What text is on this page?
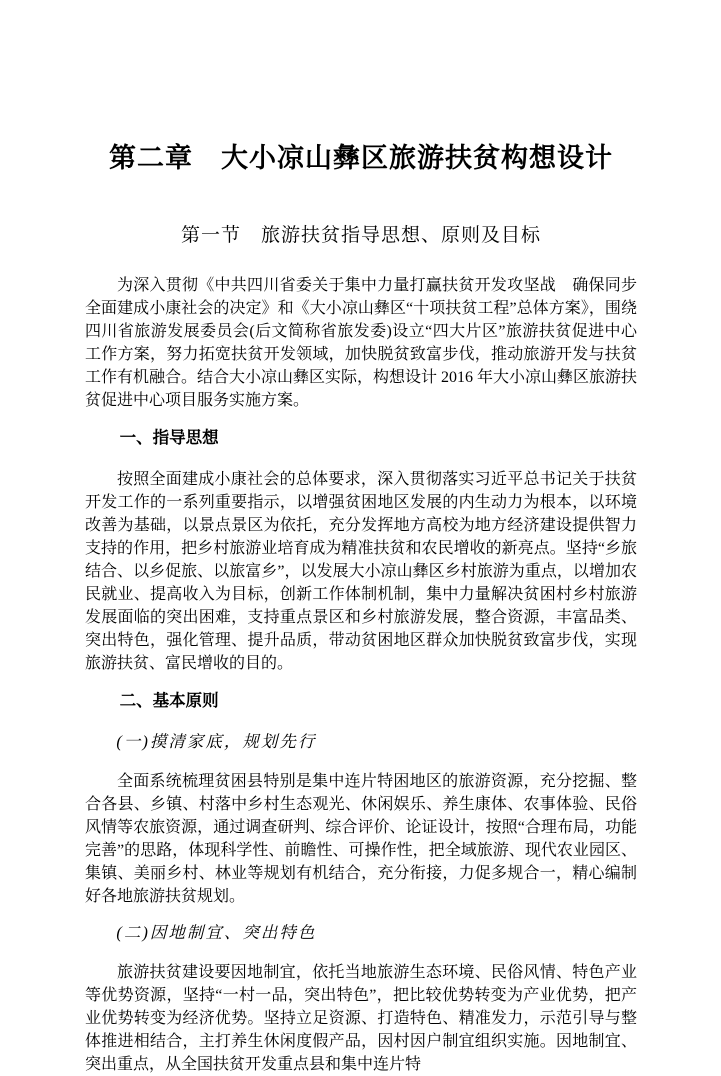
第二章　大小凉山彝区旅游扶贫构想设计
第一节　旅游扶贫指导思想、原则及目标

为深入贯彻《中共四川省委关于集中力量打赢扶贫开发攻坚战　确保同步全面建成小康社会的决定》和《大小凉山彝区“十项扶贫工程”总体方案》，围绕四川省旅游发展委员会(后文简称省旅发委)设立“四大片区”旅游扶贫促进中心工作方案，努力拓宽扶贫开发领域，加快脱贫致富步伐，推动旅游开发与扶贫工作有机融合。结合大小凉山彝区实际，构想设计 2016 年大小凉山彝区旅游扶贫促进中心项目服务实施方案。

一、指导思想

按照全面建成小康社会的总体要求，深入贯彻落实习近平总书记关于扶贫开发工作的一系列重要指示，以增强贫困地区发展的内生动力为根本，以环境改善为基础，以景点景区为依托，充分发挥地方高校为地方经济建设提供智力支持的作用，把乡村旅游业培育成为精准扶贫和农民增收的新亮点。坚持“乡旅结合、以乡促旅、以旅富乡”，以发展大小凉山彝区乡村旅游为重点，以增加农民就业、提高收入为目标，创新工作体制机制，集中力量解决贫困村乡村旅游发展面临的突出困难，支持重点景区和乡村旅游发展，整合资源，丰富品类、突出特色，强化管理、提升品质，带动贫困地区群众加快脱贫致富步伐，实现旅游扶贫、富民增收的目的。

二、基本原则
(一)摸清家底，规划先行

全面系统梳理贫困县特别是集中连片特困地区的旅游资源，充分挖掘、整合各县、乡镇、村落中乡村生态观光、休闲娱乐、养生康体、农事体验、民俗风情等农旅资源，通过调查研判、综合评价、论证设计，按照“合理布局，功能完善”的思路，体现科学性、前瞻性、可操作性，把全域旅游、现代农业园区、集镇、美丽乡村、林业等规划有机结合，充分衔接，力促多规合一，精心编制好各地旅游扶贫规划。

(二)因地制宜、突出特色

旅游扶贫建设要因地制宜，依托当地旅游生态环境、民俗风情、特色产业等优势资源，坚持“一村一品，突出特色”，把比较优势转变为产业优势，把产业优势转变为经济优势。坚持立足资源、打造特色、精准发力，示范引导与整体推进相结合，主打养生休闲度假产品，因村因户制宜组织实施。因地制宜、突出重点，从全国扶贫开发重点县和集中连片特
